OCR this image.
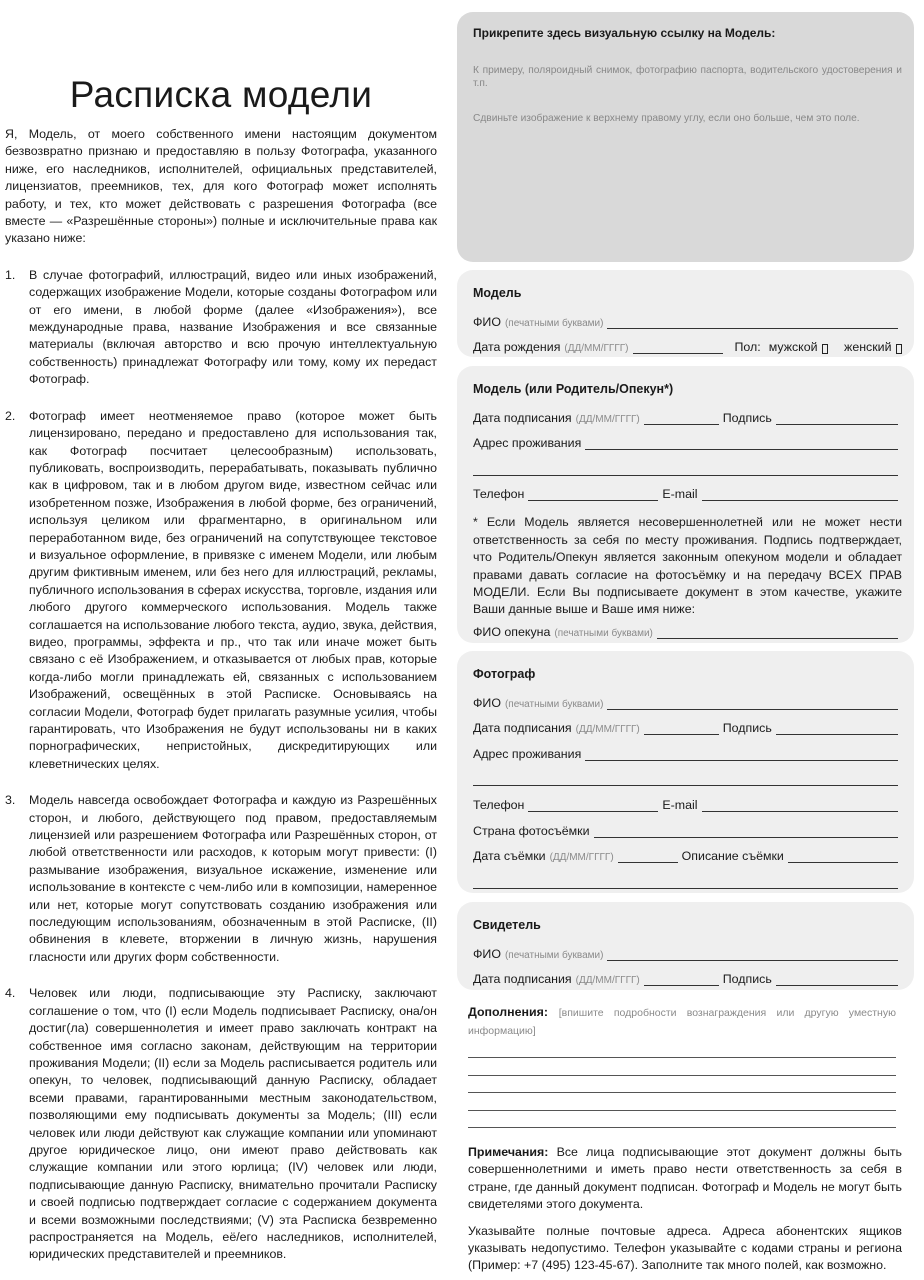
Расписка модели

Я, Модель, от моего собственного имени настоящим документом безвозвратно признаю и предоставляю в пользу Фотографа, указанного ниже, его наследников, исполнителей, официальных представителей, лицензиатов, преемников, тех, для кого Фотограф может исполнять работу, и тех, кто может действовать с разрешения Фотографа (все вместе — «Разрешённые стороны») полные и исключительные права как указано ниже:

1.	В случае фотографий, иллюстраций, видео или иных изображений, содержащих изображение Модели, которые созданы Фотографом или от его имени, в любой форме (далее «Изображения»), все международные права, название Изображения и все связанные материалы (включая авторство и всю прочую интеллектуальную собственность) принадлежат Фотографу или тому, кому их передаст Фотограф.

2.	Фотограф имеет неотменяемое право (которое может быть лицензировано, передано и предоставлено для использования так, как Фотограф посчитает целесообразным) использовать, публиковать, воспроизводить, перерабатывать, показывать публично как в цифровом, так и в любом другом виде, известном сейчас или изобретенном позже, Изображения в любой форме, без ограничений, используя целиком или фрагментарно, в оригинальном или переработанном виде, без ограничений на сопутствующее текстовое и визуальное оформление, в привязке с именем Модели, или любым другим фиктивным именем, или без него для иллюстраций, рекламы, публичного использования в сферах искусства, торговле, издания или любого другого коммерческого использования. Модель также соглашается на использование любого текста, аудио, звука, действия, видео, программы, эффекта и пр., что так или иначе может быть связано с её Изображением, и отказывается от любых прав, которые когда-либо могли принадлежать ей, связанных с использованием Изображений, освещённых в этой Расписке. Основываясь на согласии Модели, Фотограф будет прилагать разумные усилия, чтобы гарантировать, что Изображения не будут использованы ни в каких порнографических, непристойных, дискредитирующих или клеветнических целях.

3.	Модель навсегда освобождает Фотографа и каждую из Разрешённых сторон, и любого, действующего под правом, предоставляемым лицензией или разрешением Фотографа или Разрешённых сторон, от любой ответственности или расходов, к которым могут привести: (I) размывание изображения, визуальное искажение, изменение или использование в контексте с чем-либо или в композиции, намеренное или нет, которые могут сопутствовать созданию изображения или последующим использованиям, обозначенным в этой Расписке, (II) обвинения в клевете, вторжении в личную жизнь, нарушения гласности или других форм собственности.

4.	Человек или люди, подписывающие эту Расписку, заключают соглашение о том, что (I) если Модель подписывает Расписку, она/он достиг(ла) совершеннолетия и имеет право заключать контракт на собственное имя согласно законам, действующим на территории проживания Модели; (II) если за Модель расписывается родитель или опекун, то человек, подписывающий данную Расписку, обладает всеми правами, гарантированными местным законодательством, позволяющими ему подписывать документы за Модель; (III) если человек или люди действуют как служащие компании или упоминают другое юридическое лицо, они имеют право действовать как служащие компании или этого юрлица; (IV) человек или люди, подписывающие данную Расписку, внимательно прочитали Расписку и своей подписью подтверждает согласие с содержанием документа и всеми возможными последствиями; (V) эта Расписка безвременно распространяется на Модель, её/его наследников, исполнителей, юридических представителей и преемников.

Прикрепите здесь визуальную ссылку на Модель:

К примеру, поляроидный снимок, фотографию паспорта, водительского удостоверения и т.п.

Сдвиньте изображение к верхнему правому углу, если оно больше, чем это поле.

Модель
ФИО (печатными буквами)
Дата рождения (ДД/ММ/ГГГГ)	Пол: мужской женский
Модель (или Родитель/Опекун*)
Дата подписания (ДД/ММ/ГГГГ)	Подпись
Адрес проживания
Телефон	E-mail

* Если Модель является несовершеннолетней или не может нести ответственность за себя по месту проживания. Подпись подтверждает, что Родитель/Опекун является законным опекуном модели и обладает правами давать согласие на фотосъёмку и на передачу ВСЕХ ПРАВ МОДЕЛИ. Если Вы подписываете документ в этом качестве, укажите Ваши данные выше и Ваше имя ниже:

ФИО опекуна (печатными буквами)
Фотограф
ФИО (печатными буквами)
Дата подписания (ДД/ММ/ГГГГ)	Подпись
Адрес проживания
Телефон	E-mail
Страна фотосъёмки
Дата съёмки (ДД/ММ/ГГГГ)	Описание съёмки
Свидетель
ФИО (печатными буквами)
Дата подписания (ДД/ММ/ГГГГ)	Подпись

Дополнения: [впишите подробности вознаграждения или другую уместную информацию]

Примечания: Все лица подписывающие этот документ должны быть совершеннолетними и иметь право нести ответственность за себя в стране, где данный документ подписан. Фотограф и Модель не могут быть свидетелями этого документа.

Указывайте полные почтовые адреса. Адреса абонентских ящиков указывать недопустимо. Телефон указывайте с кодами страны и региона (Пример: +7 (495) 123-45-67). Заполните так много полей, как возможно.
